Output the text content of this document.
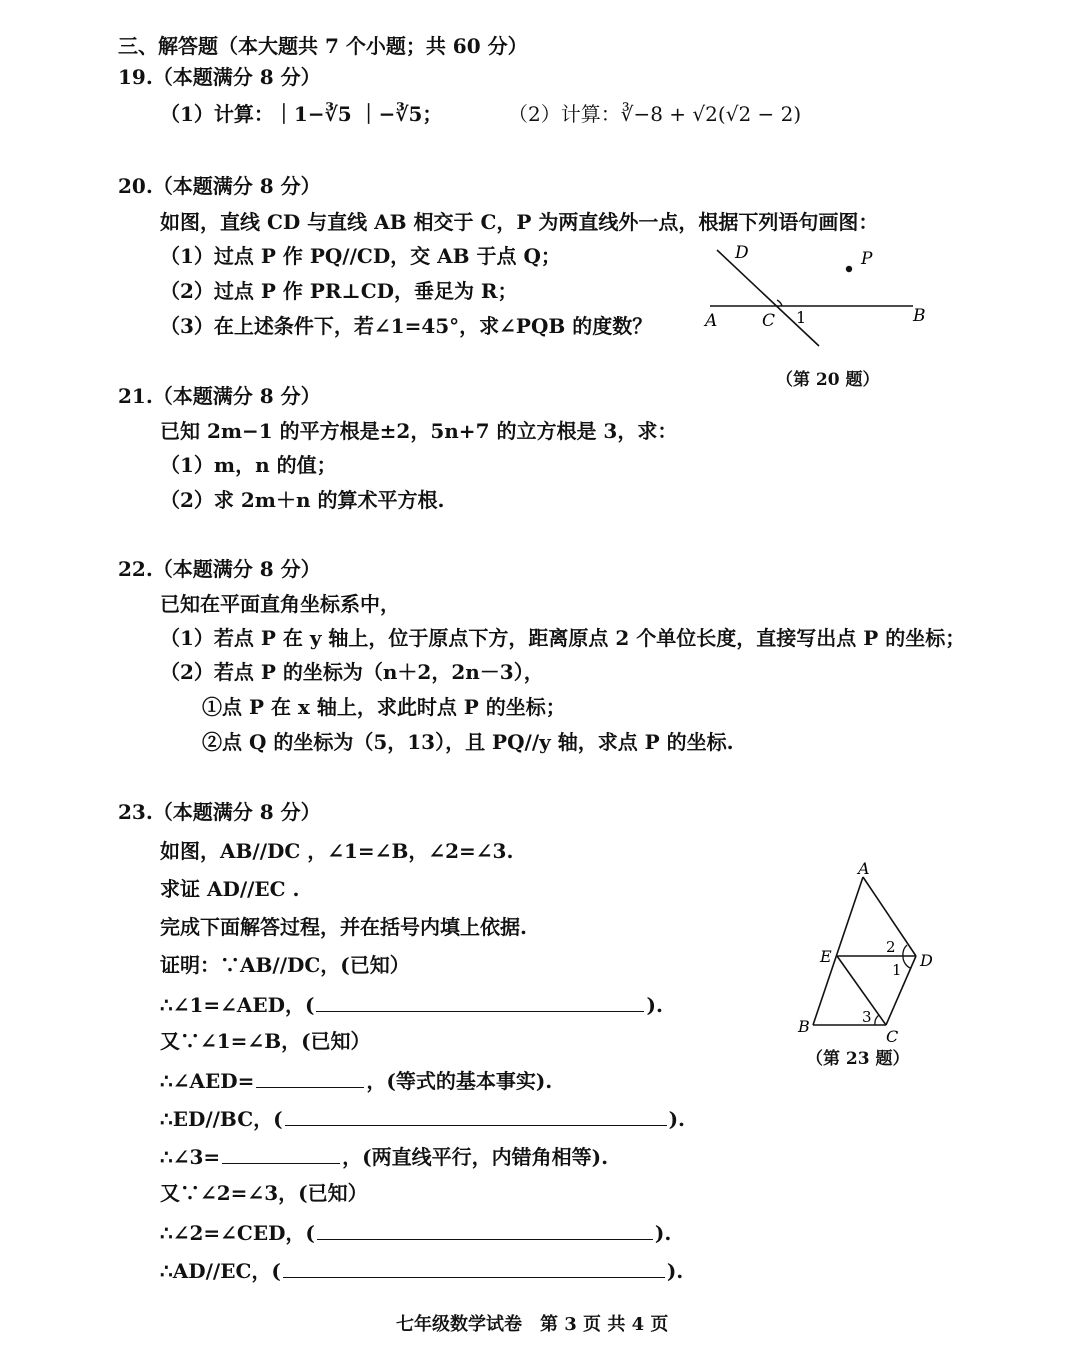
三、解答题（本大题共 7 个小题；共 60 分）
19.（本题满分 8 分）
（1）计算：｜1−∛5 ｜−∛5；	（2）计算：∛−8 + √2(√2 − 2)
20.（本题满分 8 分）
如图，直线 CD 与直线 AB 相交于 C，P 为两直线外一点，根据下列语句画图：
（1）过点 P 作 PQ//CD，交 AB 于点 Q；
（2）过点 P 作 PR⊥CD，垂足为 R；
（3）在上述条件下，若∠1=45°，求∠PQB 的度数？
D	P
A	C 1	B
（第 20 题）
21.（本题满分 8 分）
已知 2m−1 的平方根是±2，5n+7 的立方根是 3，求：
（1）m，n 的值；
（2）求 2m＋n 的算术平方根.
22.（本题满分 8 分）
已知在平面直角坐标系中，
（1）若点 P 在 y 轴上，位于原点下方，距离原点 2 个单位长度，直接写出点 P 的坐标；
（2）若点 P 的坐标为（n＋2，2n－3），
①点 P 在 x 轴上，求此时点 P 的坐标；
②点 Q 的坐标为（5，13），且 PQ//y 轴，求点 P 的坐标.
23.（本题满分 8 分）
如图，AB//DC ，∠1=∠B，∠2=∠3.
求证 AD//EC .
完成下面解答过程，并在括号内填上依据.
证明：∵AB//DC，(已知）
∴∠1=∠AED，(	).
又∵∠1=∠B，(已知）
∴∠AED=	，(等式的基本事实).
∴ED//BC，(	).
∴∠3=	，(两直线平行，内错角相等).
又∵∠2=∠3，(已知）
∴∠2=∠CED，(	).
∴AD//EC，(	).
A
E	D
2
1
3
B
C
（第 23 题）
七年级数学试卷　第 3 页 共 4 页
